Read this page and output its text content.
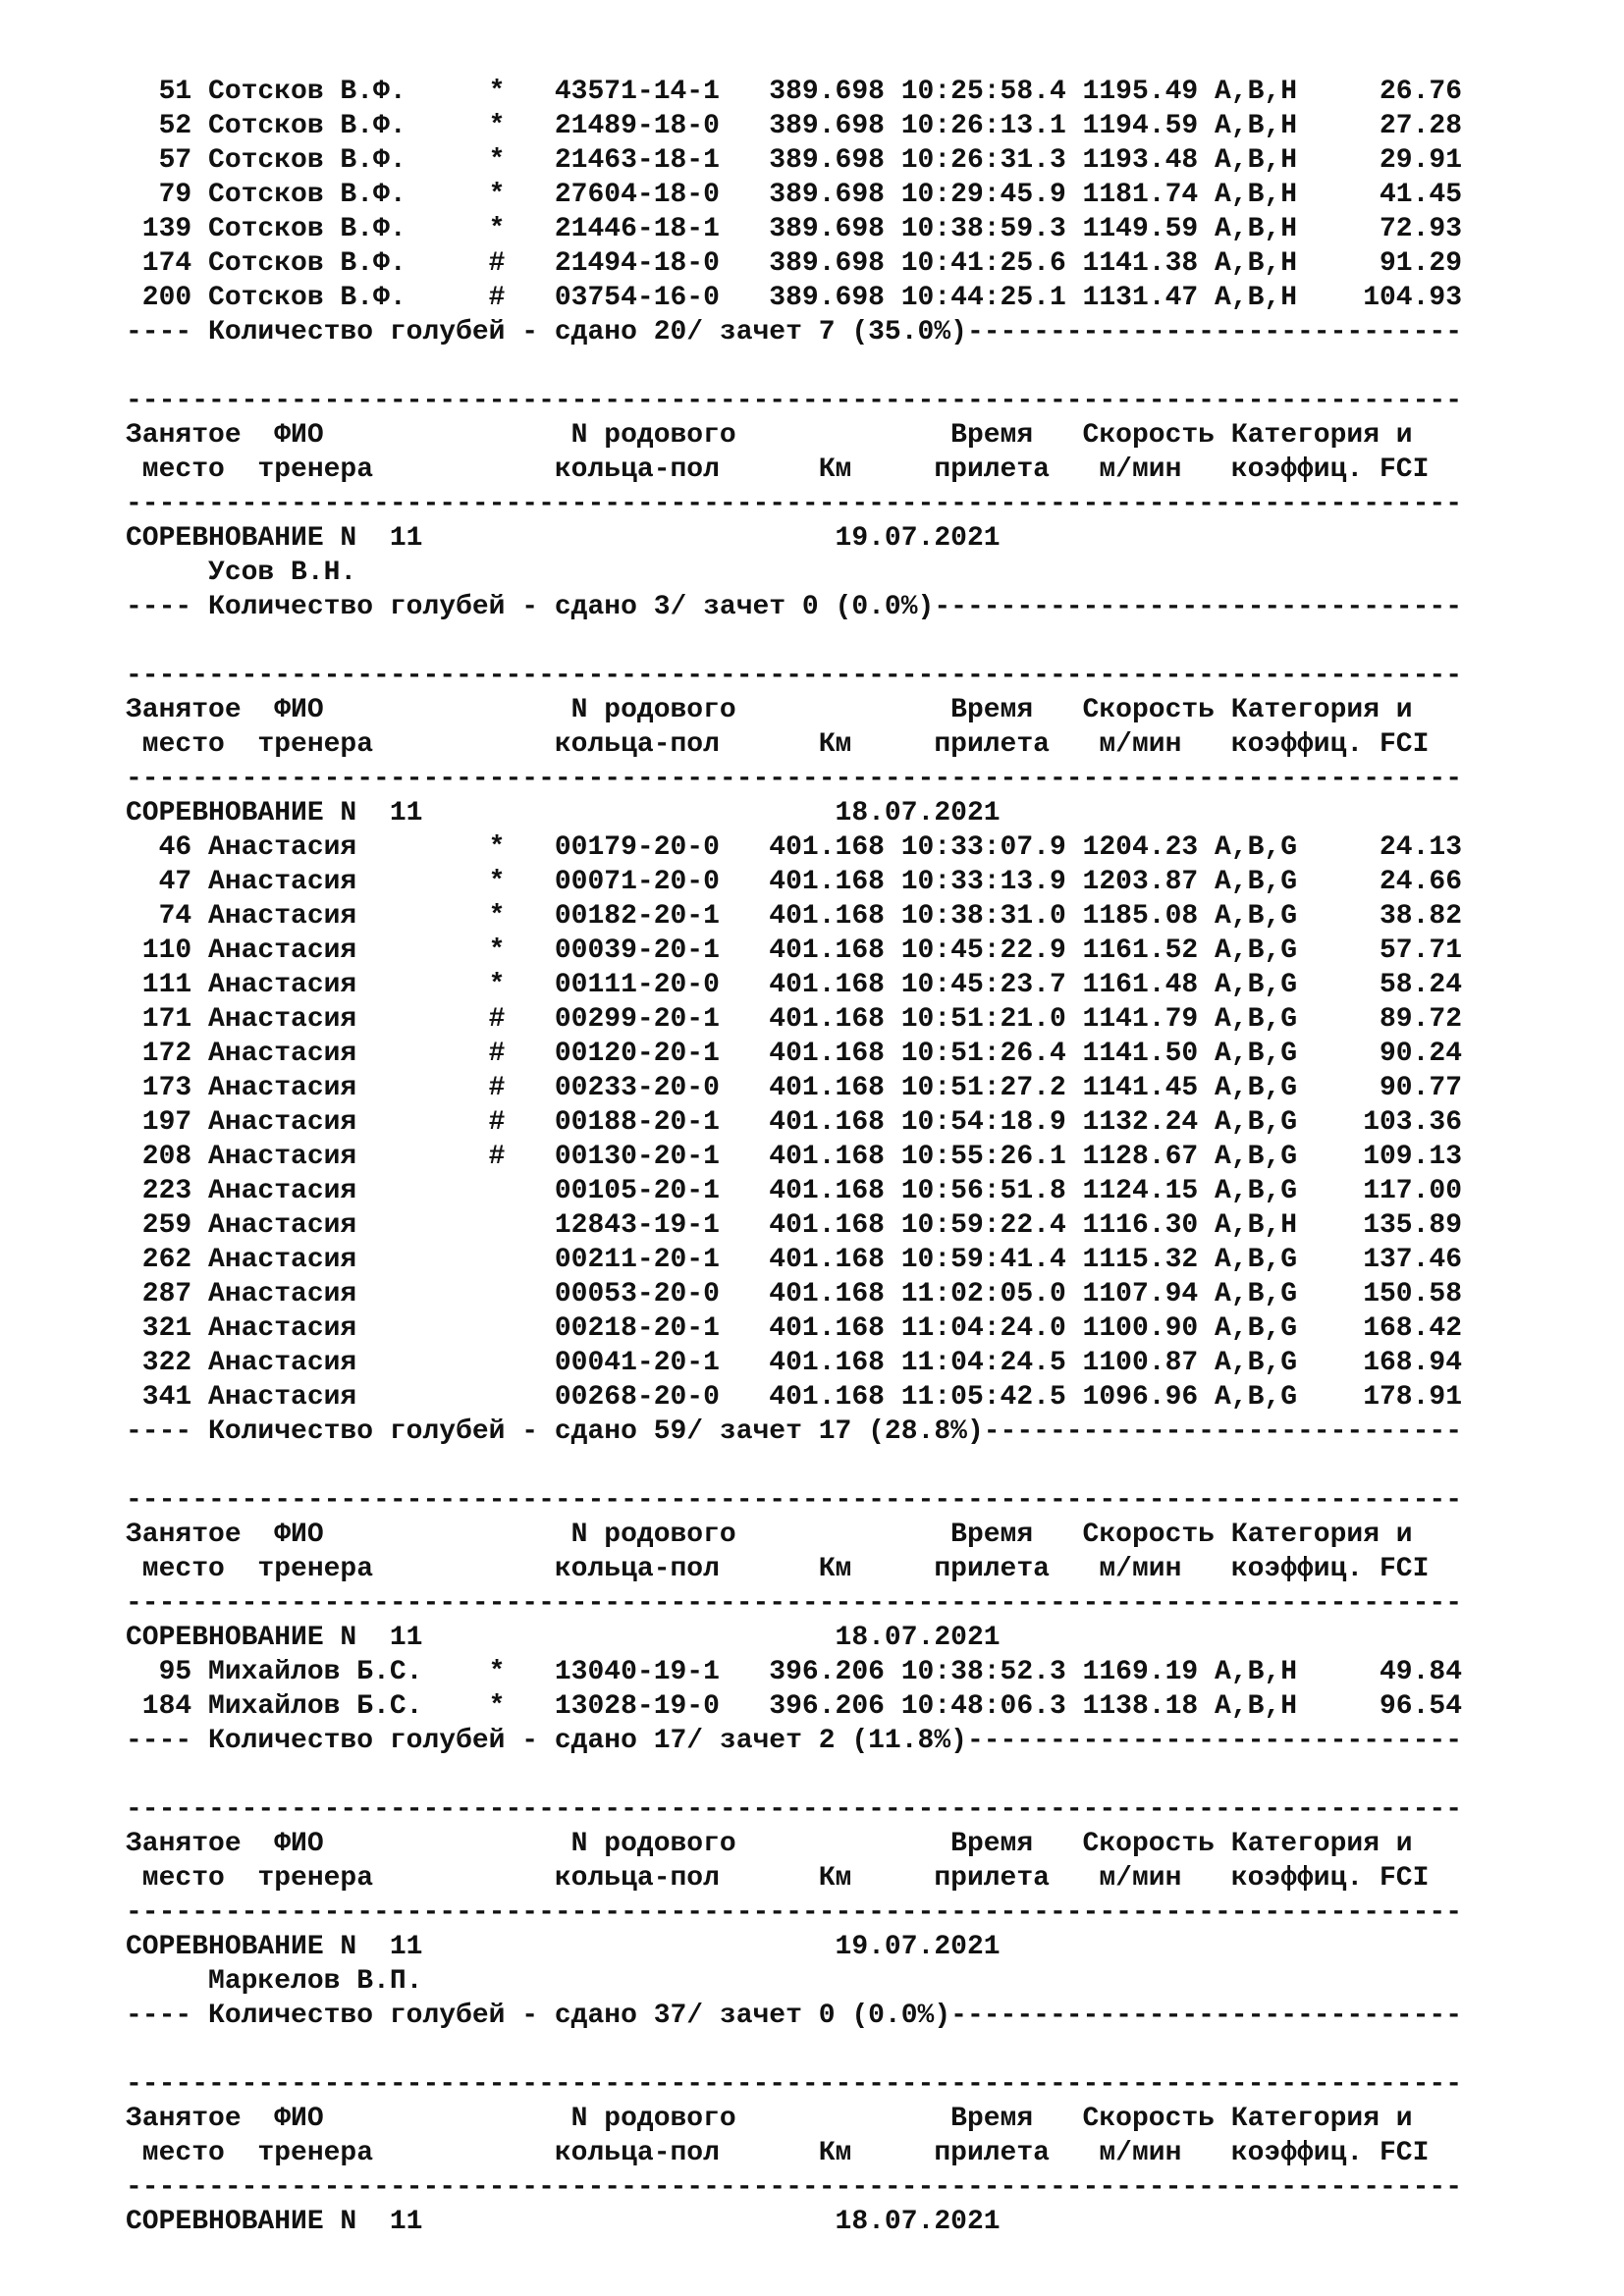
51 Сотсков В.Ф.     *   43571-14-1   389.698 10:25:58.4 1195.49 A,B,H     26.76
52 Сотсков В.Ф.     *   21489-18-0   389.698 10:26:13.1 1194.59 A,B,H     27.28
57 Сотсков В.Ф.     *   21463-18-1   389.698 10:26:31.3 1193.48 A,B,H     29.91
79 Сотсков В.Ф.     *   27604-18-0   389.698 10:29:45.9 1181.74 A,B,H     41.45
139 Сотсков В.Ф.     *   21446-18-1   389.698 10:38:59.3 1149.59 A,B,H     72.93
174 Сотсков В.Ф.     #   21494-18-0   389.698 10:41:25.6 1141.38 A,B,H     91.29
200 Сотсков В.Ф.     #   03754-16-0   389.698 10:44:25.1 1131.47 A,B,H    104.93
---- Количество голубей - сдано 20/ зачет 7 (35.0%)------------------------------
---------------------------------------------------------------------------------
Занятое  ФИО               N родового             Время   Скорость Категория и
место  тренера           кольца-пол      Км     прилета   м/мин   коэффиц. FCI
---------------------------------------------------------------------------------
СОРЕВНОВАНИЕ N  11                         19.07.2021
Усов В.Н.
---- Количество голубей - сдано 3/ зачет 0 (0.0%)--------------------------------
---------------------------------------------------------------------------------
Занятое  ФИО               N родового             Время   Скорость Категория и
место  тренера           кольца-пол      Км     прилета   м/мин   коэффиц. FCI
---------------------------------------------------------------------------------
СОРЕВНОВАНИЕ N  11                         18.07.2021
46 Анастасия        *   00179-20-0   401.168 10:33:07.9 1204.23 A,B,G     24.13
47 Анастасия        *   00071-20-0   401.168 10:33:13.9 1203.87 A,B,G     24.66
74 Анастасия        *   00182-20-1   401.168 10:38:31.0 1185.08 A,B,G     38.82
110 Анастасия        *   00039-20-1   401.168 10:45:22.9 1161.52 A,B,G     57.71
111 Анастасия        *   00111-20-0   401.168 10:45:23.7 1161.48 A,B,G     58.24
171 Анастасия        #   00299-20-1   401.168 10:51:21.0 1141.79 A,B,G     89.72
172 Анастасия        #   00120-20-1   401.168 10:51:26.4 1141.50 A,B,G     90.24
173 Анастасия        #   00233-20-0   401.168 10:51:27.2 1141.45 A,B,G     90.77
197 Анастасия        #   00188-20-1   401.168 10:54:18.9 1132.24 A,B,G    103.36
208 Анастасия        #   00130-20-1   401.168 10:55:26.1 1128.67 A,B,G    109.13
223 Анастасия            00105-20-1   401.168 10:56:51.8 1124.15 A,B,G    117.00
259 Анастасия            12843-19-1   401.168 10:59:22.4 1116.30 A,B,H    135.89
262 Анастасия            00211-20-1   401.168 10:59:41.4 1115.32 A,B,G    137.46
287 Анастасия            00053-20-0   401.168 11:02:05.0 1107.94 A,B,G    150.58
321 Анастасия            00218-20-1   401.168 11:04:24.0 1100.90 A,B,G    168.42
322 Анастасия            00041-20-1   401.168 11:04:24.5 1100.87 A,B,G    168.94
341 Анастасия            00268-20-0   401.168 11:05:42.5 1096.96 A,B,G    178.91
---- Количество голубей - сдано 59/ зачет 17 (28.8%)-----------------------------
---------------------------------------------------------------------------------
Занятое  ФИО               N родового             Время   Скорость Категория и
место  тренера           кольца-пол      Км     прилета   м/мин   коэффиц. FCI
---------------------------------------------------------------------------------
СОРЕВНОВАНИЕ N  11                         18.07.2021
95 Михайлов Б.С.    *   13040-19-1   396.206 10:38:52.3 1169.19 A,B,H     49.84
184 Михайлов Б.С.    *   13028-19-0   396.206 10:48:06.3 1138.18 A,B,H     96.54
---- Количество голубей - сдано 17/ зачет 2 (11.8%)------------------------------
---------------------------------------------------------------------------------
Занятое  ФИО               N родового             Время   Скорость Категория и
место  тренера           кольца-пол      Км     прилета   м/мин   коэффиц. FCI
---------------------------------------------------------------------------------
СОРЕВНОВАНИЕ N  11                         19.07.2021
Маркелов В.П.
---- Количество голубей - сдано 37/ зачет 0 (0.0%)-------------------------------
---------------------------------------------------------------------------------
Занятое  ФИО               N родового             Время   Скорость Категория и
место  тренера           кольца-пол      Км     прилета   м/мин   коэффиц. FCI
---------------------------------------------------------------------------------
СОРЕВНОВАНИЕ N  11                         18.07.2021
